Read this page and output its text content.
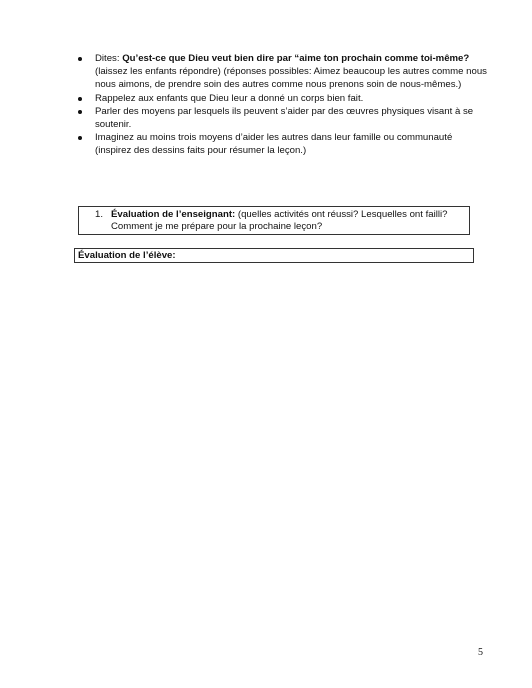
Dites: Qu’est-ce que Dieu veut bien dire par “aime ton prochain comme toi-même? (laissez les enfants répondre) (réponses possibles: Aimez beaucoup les autres comme nous nous aimons, de prendre soin des autres comme nous prenons soin de nous-mêmes.)
Rappelez aux enfants que Dieu leur a donné un corps bien fait.
Parler des moyens par lesquels ils peuvent s’aider par des œuvres physiques visant à se soutenir.
Imaginez au moins trois moyens d’aider les autres dans leur famille ou communauté (inspirez des dessins faits pour résumer la leçon.)
1. Évaluation de l’enseignant: (quelles activités ont réussi? Lesquelles ont failli? Comment je me prépare pour la prochaine leçon?
Évaluation de l’élève:
5
